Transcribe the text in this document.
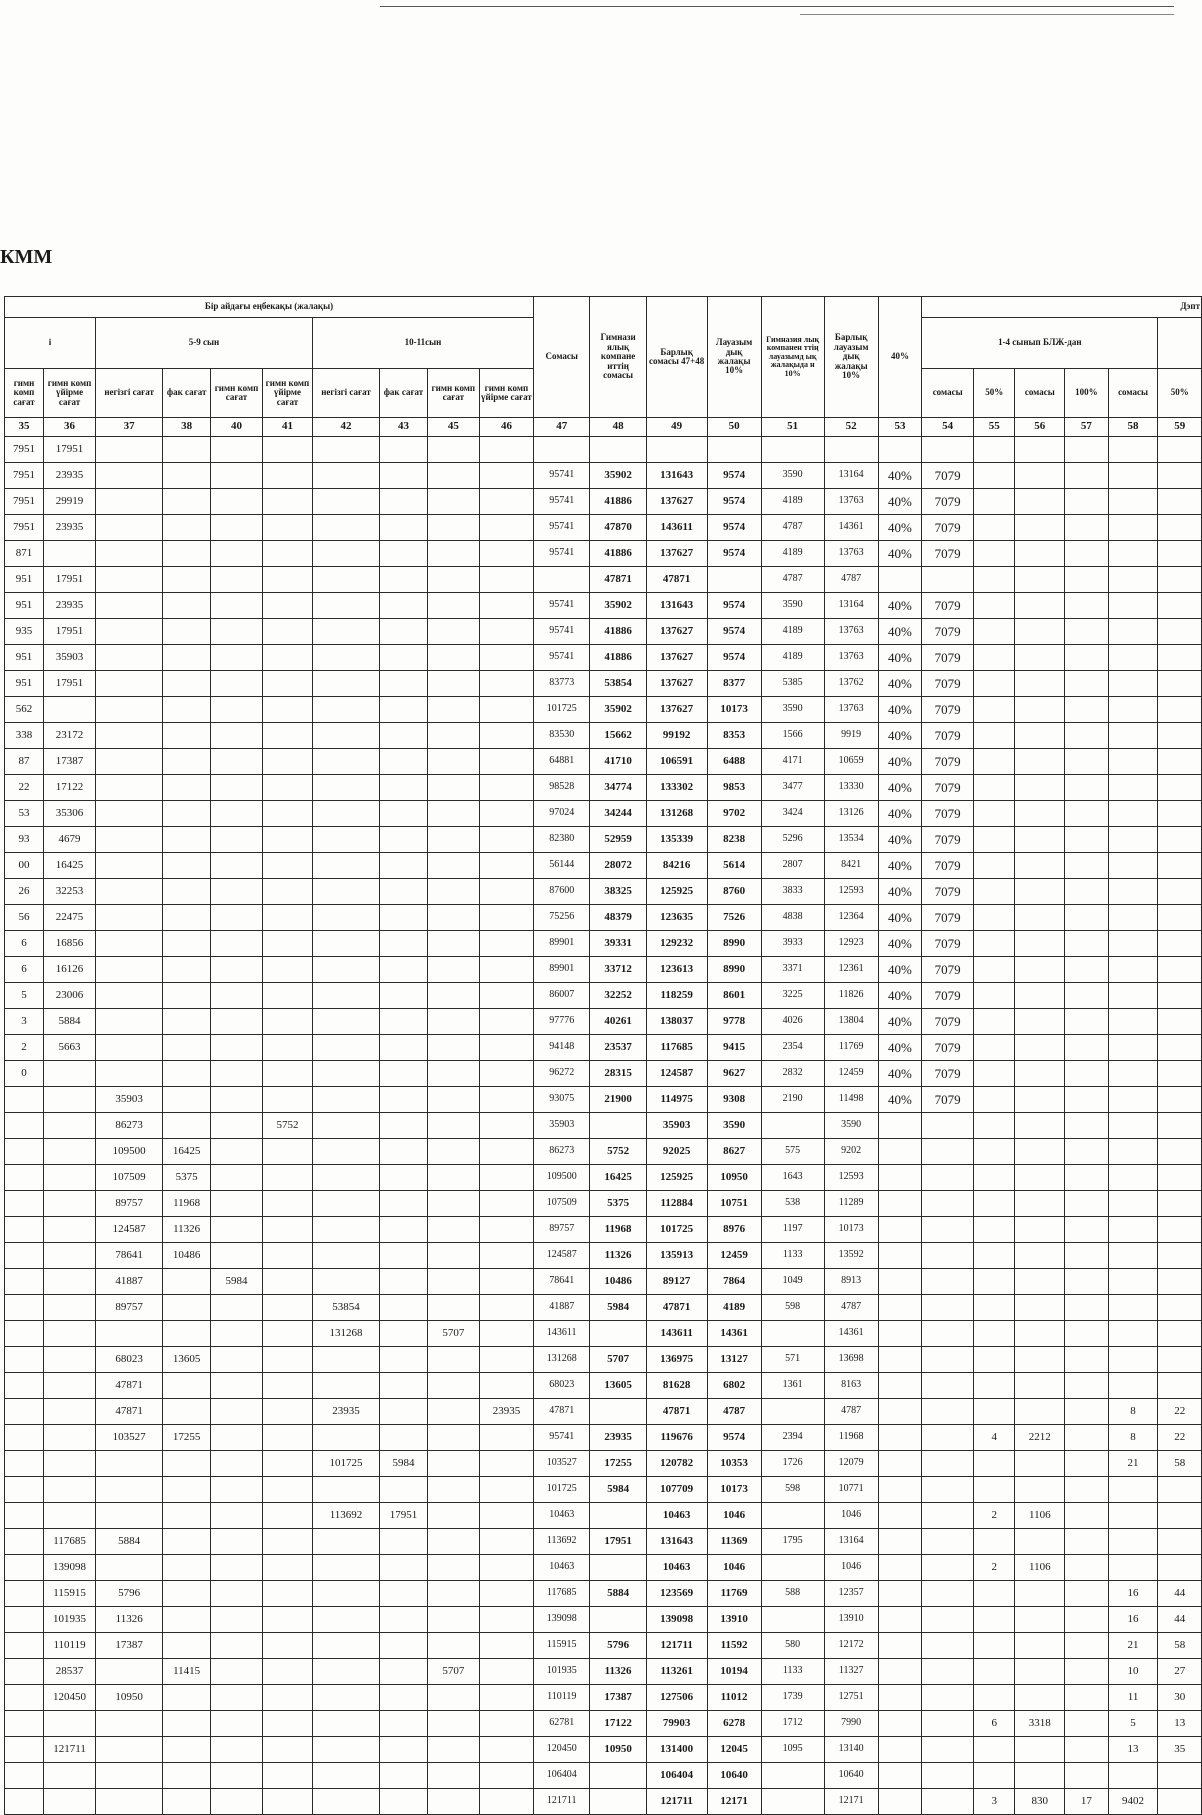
КММ
Бір айдағы еңбекақы (жалақы)										Сомасы	Гимнази ялық компане иттің сомасы	Барлық сомасы 47+48	Лауазым дық жалақы 10%	Гимназия лық компанен ттің лауазымд ық жалақыда н 10%	Барлық лауазым дық жалақы 10%	40%	Дэпт					
і		5-9 сын				10-11сын											1-4 сынып БЛЖ-дан					
гимн комп сағат	гимн комп үйірме сағат	негізгі сағат	фак сағат	гимн комп сағат	гимн комп үйірме сағат	негізгі сағат	фак сағат	гимн комп сағат	гимн комп үйірме сағат								сомасы	50%	сомасы	100%	сомасы	50%
35	36	37	38	40	41	42	43	45	46	47	48	49	50	51	52	53	54	55	56	57	58	59
7951	17951																					
7951	23935									95741	35902	131643	9574	3590	13164	40%	7079					
7951	29919									95741	41886	137627	9574	4189	13763	40%	7079					
7951	23935									95741	47870	143611	9574	4787	14361	40%	7079					
871										95741	41886	137627	9574	4189	13763	40%	7079					
951	17951										47871	47871		4787	4787							
951	23935									95741	35902	131643	9574	3590	13164	40%	7079					
935	17951									95741	41886	137627	9574	4189	13763	40%	7079					
951	35903									95741	41886	137627	9574	4189	13763	40%	7079					
951	17951									83773	53854	137627	8377	5385	13762	40%	7079					
562										101725	35902	137627	10173	3590	13763	40%	7079					
338	23172									83530	15662	99192	8353	1566	9919	40%	7079					
87	17387									64881	41710	106591	6488	4171	10659	40%	7079					
22	17122									98528	34774	133302	9853	3477	13330	40%	7079					
53	35306									97024	34244	131268	9702	3424	13126	40%	7079					
93	4679									82380	52959	135339	8238	5296	13534	40%	7079					
00	16425									56144	28072	84216	5614	2807	8421	40%	7079					
26	32253									87600	38325	125925	8760	3833	12593	40%	7079					
56	22475									75256	48379	123635	7526	4838	12364	40%	7079					
6	16856									89901	39331	129232	8990	3933	12923	40%	7079					
6	16126									89901	33712	123613	8990	3371	12361	40%	7079					
5	23006									86007	32252	118259	8601	3225	11826	40%	7079					
3	5884									97776	40261	138037	9778	4026	13804	40%	7079					
2	5663									94148	23537	117685	9415	2354	11769	40%	7079					
0										96272	28315	124587	9627	2832	12459	40%	7079					
		35903								93075	21900	114975	9308	2190	11498	40%	7079					
		86273			5752					35903		35903	3590		3590							
		109500	16425							86273	5752	92025	8627	575	9202							
		107509	5375							109500	16425	125925	10950	1643	12593							
		89757	11968							107509	5375	112884	10751	538	11289							
		124587	11326							89757	11968	101725	8976	1197	10173							
		78641	10486							124587	11326	135913	12459	1133	13592							
		41887		5984						78641	10486	89127	7864	1049	8913							
		89757				53854				41887	5984	47871	4189	598	4787							
						131268		5707		143611		143611	14361		14361							
		68023	13605							131268	5707	136975	13127	571	13698							
		47871								68023	13605	81628	6802	1361	8163							
		47871				23935			23935	47871		47871	4787		4787						8	22
		103527	17255							95741	23935	119676	9574	2394	11968			4	2212		8	22
						101725	5984			103527	17255	120782	10353	1726	12079						21	58
										101725	5984	107709	10173	598	10771							
						113692	17951			10463		10463	1046		1046			2	1106			
	117685	5884								113692	17951	131643	11369	1795	13164							
	139098									10463		10463	1046		1046			2	1106			
	115915	5796								117685	5884	123569	11769	588	12357						16	44
	101935	11326								139098		139098	13910		13910						16	44
	110119	17387								115915	5796	121711	11592	580	12172						21	58
	28537		11415					5707		101935	11326	113261	10194	1133	11327						10	27
	120450	10950								110119	17387	127506	11012	1739	12751						11	30
										62781	17122	79903	6278	1712	7990			6	3318		5	13
	121711									120450	10950	131400	12045	1095	13140						13	35
										106404		106404	10640		10640							
										121711		121711	12171		12171			3	830	17	9402	
